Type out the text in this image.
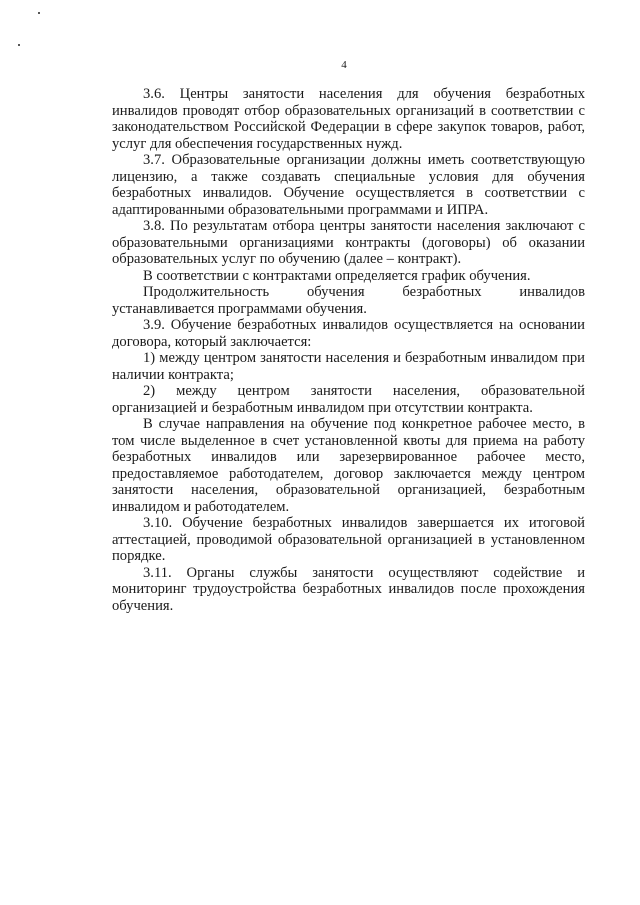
4

3.6. Центры занятости населения для обучения безработных инвалидов проводят отбор образовательных организаций в соответствии с законодательством Российской Федерации в сфере закупок товаров, работ, услуг для обеспечения государственных нужд.

3.7. Образовательные организации должны иметь соответствующую лицензию, а также создавать специальные условия для обучения безработных инвалидов. Обучение осуществляется в соответствии с адаптированными образовательными программами и ИПРА.

3.8. По результатам отбора центры занятости населения заключают с образовательными организациями контракты (договоры) об оказании образовательных услуг по обучению (далее – контракт).

В соответствии с контрактами определяется график обучения.

Продолжительность обучения безработных инвалидов устанавливается программами обучения.

3.9. Обучение безработных инвалидов осуществляется на основании договора, который заключается:

1) между центром занятости населения и безработным инвалидом при наличии контракта;

2) между центром занятости населения, образовательной организацией и безработным инвалидом при отсутствии контракта.

В случае направления на обучение под конкретное рабочее место, в том числе выделенное в счет установленной квоты для приема на работу безработных инвалидов или зарезервированное рабочее место, предоставляемое работодателем, договор заключается между центром занятости населения, образовательной организацией, безработным инвалидом и работодателем.

3.10. Обучение безработных инвалидов завершается их итоговой аттестацией, проводимой образовательной организацией в установленном порядке.

3.11. Органы службы занятости осуществляют содействие и мониторинг трудоустройства безработных инвалидов после прохождения обучения.
